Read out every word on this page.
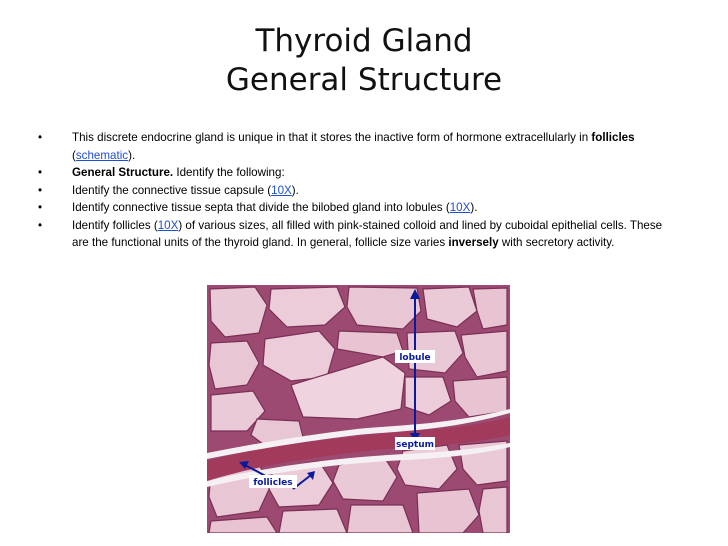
Thyroid Gland
General Structure
•	This discrete endocrine gland is unique in that it stores the inactive form of hormone extracellularly in follicles (schematic).
•	General Structure. Identify the following:
•	Identify the connective tissue capsule (10X).
•	Identify connective tissue septa that divide the bilobed gland into lobules (10X).
•	Identify follicles (10X) of various sizes, all filled with pink-stained colloid and lined by cuboidal epithelial cells. These are the functional units of the thyroid gland. In general, follicle size varies inversely with secretory activity.
lobule
septum
follicles
